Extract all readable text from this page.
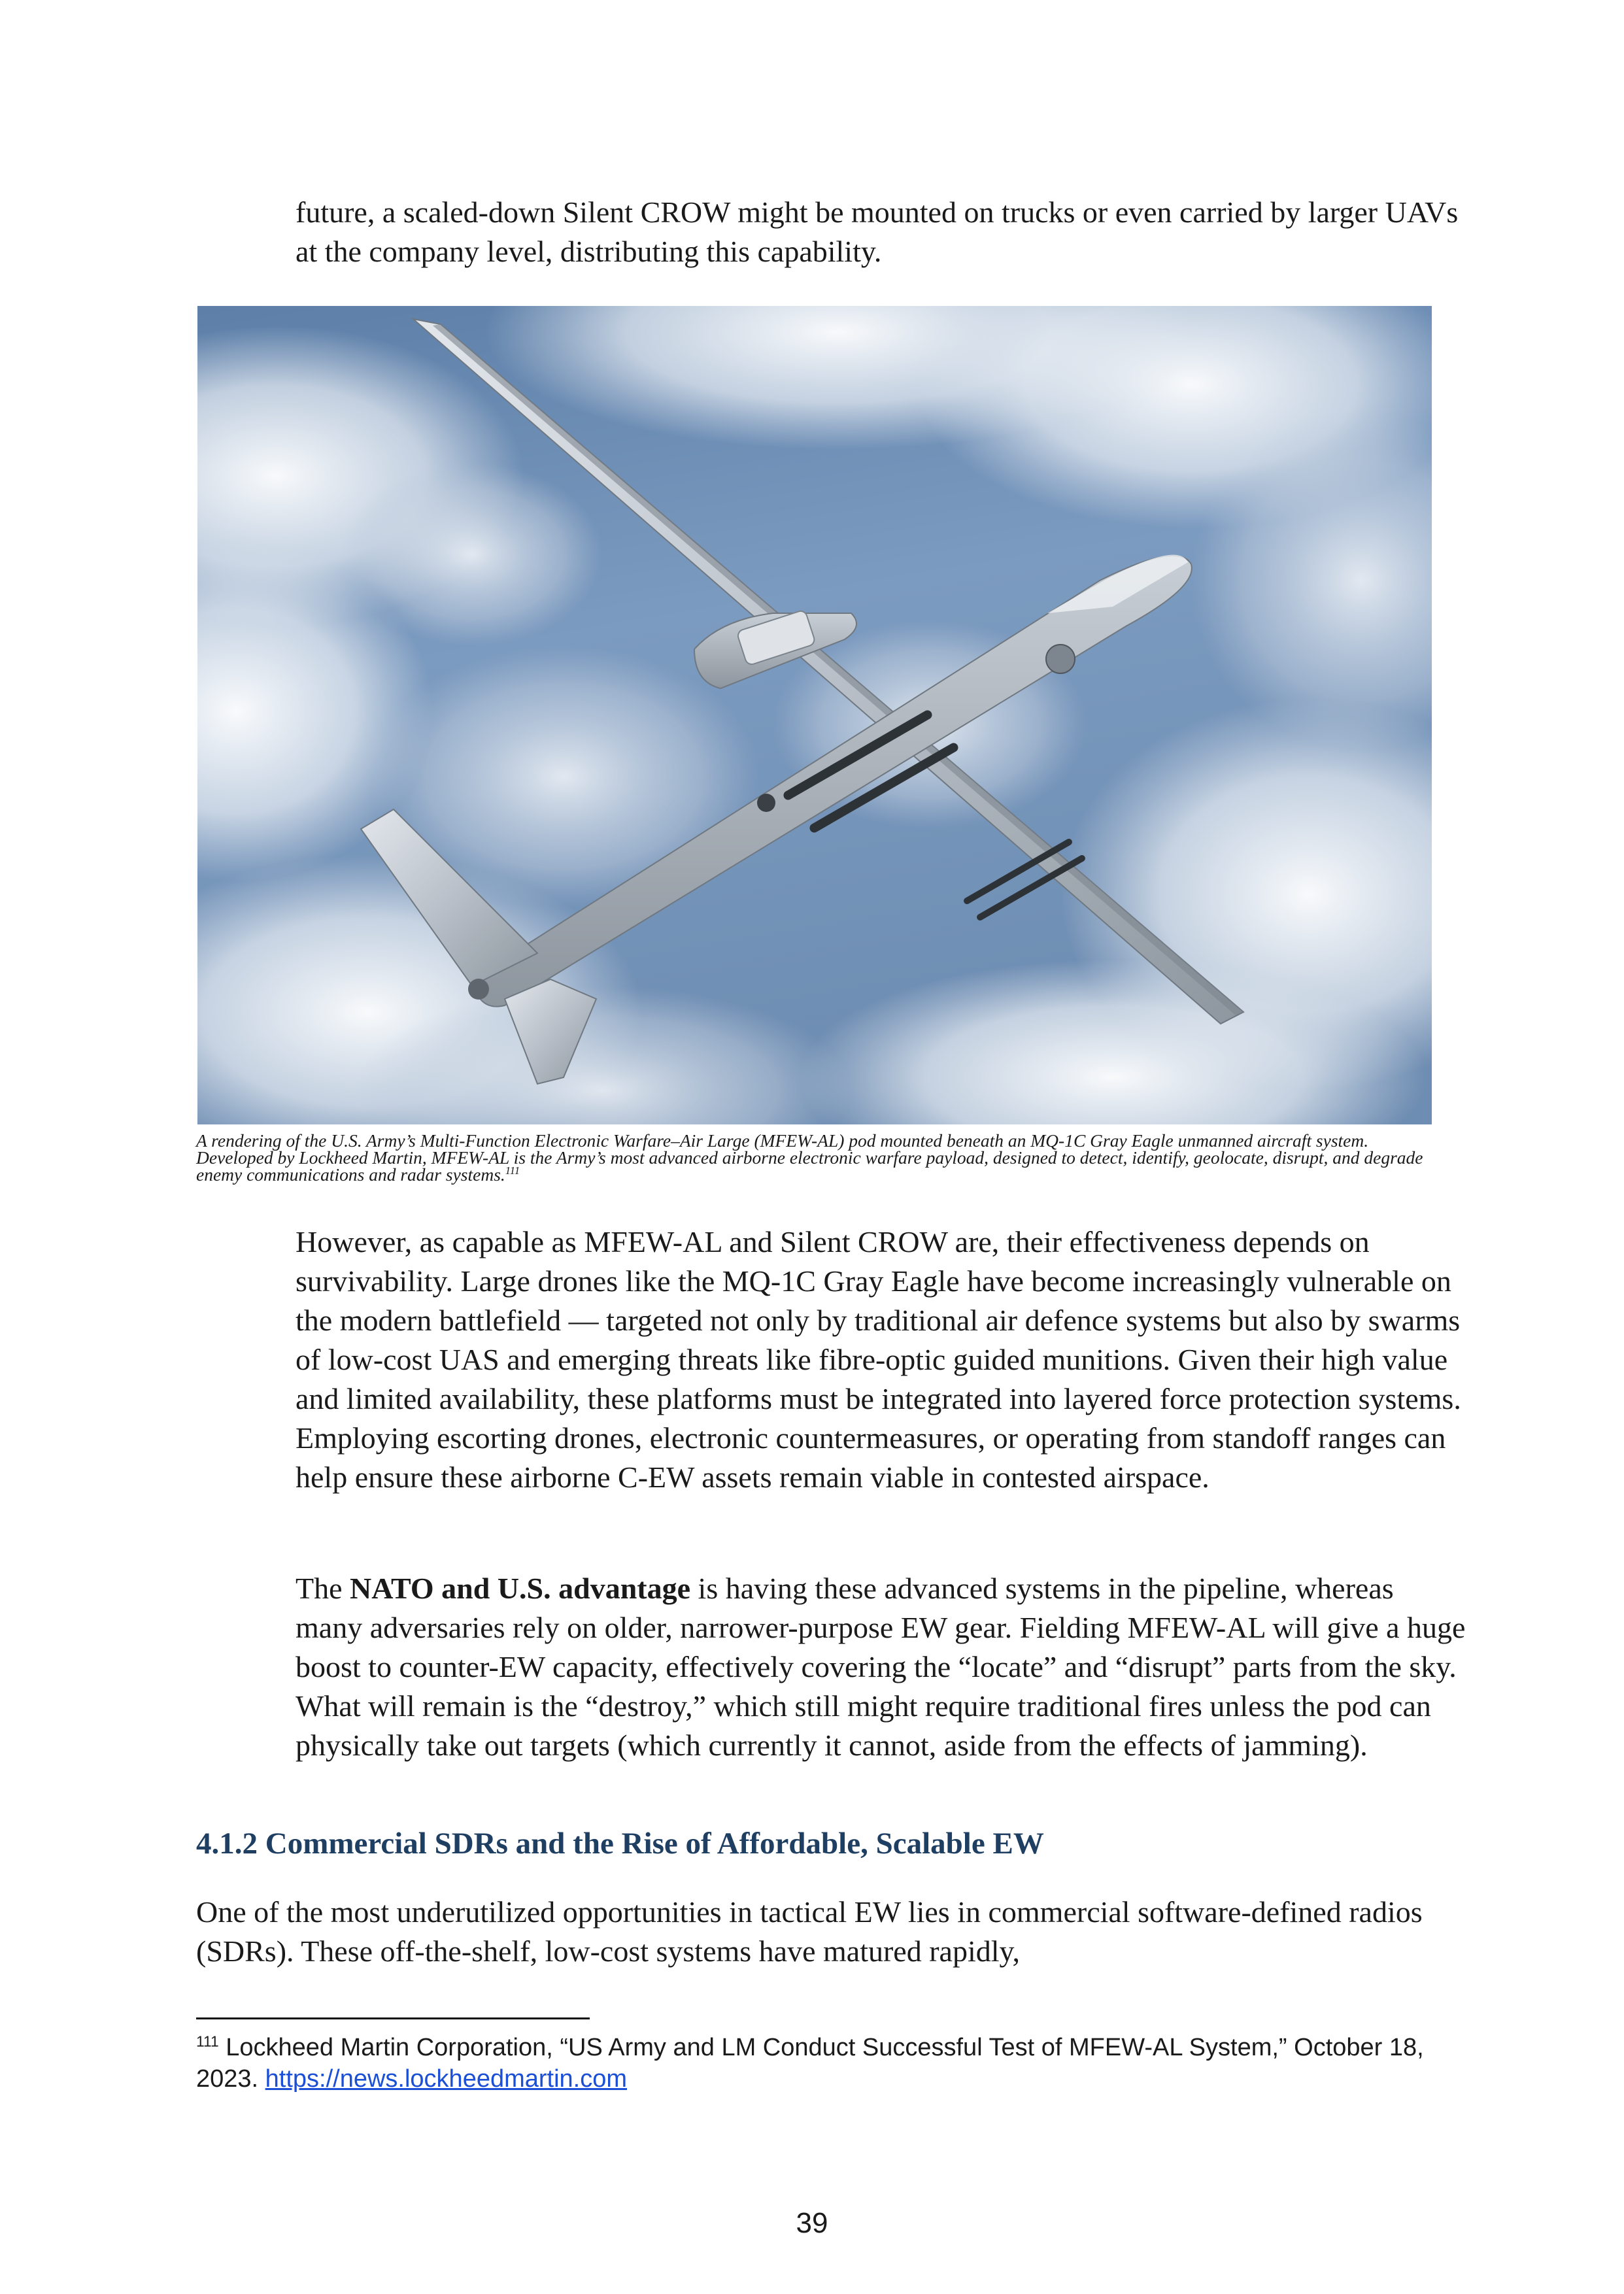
future, a scaled-down Silent CROW might be mounted on trucks or even carried by larger UAVs at the company level, distributing this capability.

A rendering of the U.S. Army’s Multi-Function Electronic Warfare–Air Large (MFEW-AL) pod mounted beneath an MQ-1C Gray Eagle unmanned aircraft system. Developed by Lockheed Martin, MFEW-AL is the Army’s most advanced airborne electronic warfare payload, designed to detect, identify, geolocate, disrupt, and degrade enemy communications and radar systems.$^{111}$

However, as capable as MFEW-AL and Silent CROW are, their effectiveness depends on survivability. Large drones like the MQ-1C Gray Eagle have become increasingly vulnerable on the modern battlefield — targeted not only by traditional air defence systems but also by swarms of low-cost UAS and emerging threats like fibre-optic guided munitions. Given their high value and limited availability, these platforms must be integrated into layered force protection systems. Employing escorting drones, electronic countermeasures, or operating from standoff ranges can help ensure these airborne C-EW assets remain viable in contested airspace.

The NATO and U.S. advantage is having these advanced systems in the pipeline, whereas many adversaries rely on older, narrower-purpose EW gear. Fielding MFEW-AL will give a huge boost to counter-EW capacity, effectively covering the “locate” and “disrupt” parts from the sky. What will remain is the “destroy,” which still might require traditional fires unless the pod can physically take out targets (which currently it cannot, aside from the effects of jamming).

4.1.2 Commercial SDRs and the Rise of Affordable, Scalable EW

One of the most underutilized opportunities in tactical EW lies in commercial software-defined radios (SDRs). These off-the-shelf, low-cost systems have matured rapidly,

$^{111}$ Lockheed Martin Corporation, “US Army and LM Conduct Successful Test of MFEW-AL System,” October 18, 2023. https://news.lockheedmartin.com

39
